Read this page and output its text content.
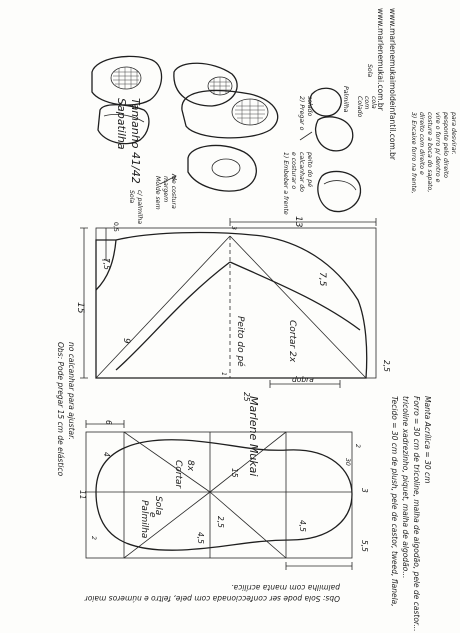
Sapatilha Tamanho
41/42
www.marlenemukai.com.br www.marlenemukaimoldeinfantil.com.br
Molde sem margem de costura
Sola c/ palmilha	1) Embeber a frente e costurar o calcanhar do peito do pé
2) Pregar o solado
3) Encaixe forro na frente, direito com direito e costure a boca do sapato, vire o forro p/ dentro e pesponte pelo direito para desvirar.
Palmilha
Sola
Colado com cola
Peito do pé	Cortar 2x
dobra
13
0,5
7,5
15
9
7,5
2,5
25
1
3
Obs: Pode pregar 15 cm de elástico no calcanhar para ajustar.	Marlene Mukai
Sola
e
Palmilha
Cortar 8x
6
4
11
2	4,5
2,5
15
4,5
5,5
3
2
30	Tecido = 30 cm de plush, pele de castor, tweed, flanela, tricoline xadrezinho, piquet, malha de algodão... Forro = 30 cm de tricoline, malha de algodão, pele de castor... Manta Acrílica = 30 cm
Obs: Sola pode ser confeccionada com pele, feltro e números maior
palmilha com manta acrílica.
